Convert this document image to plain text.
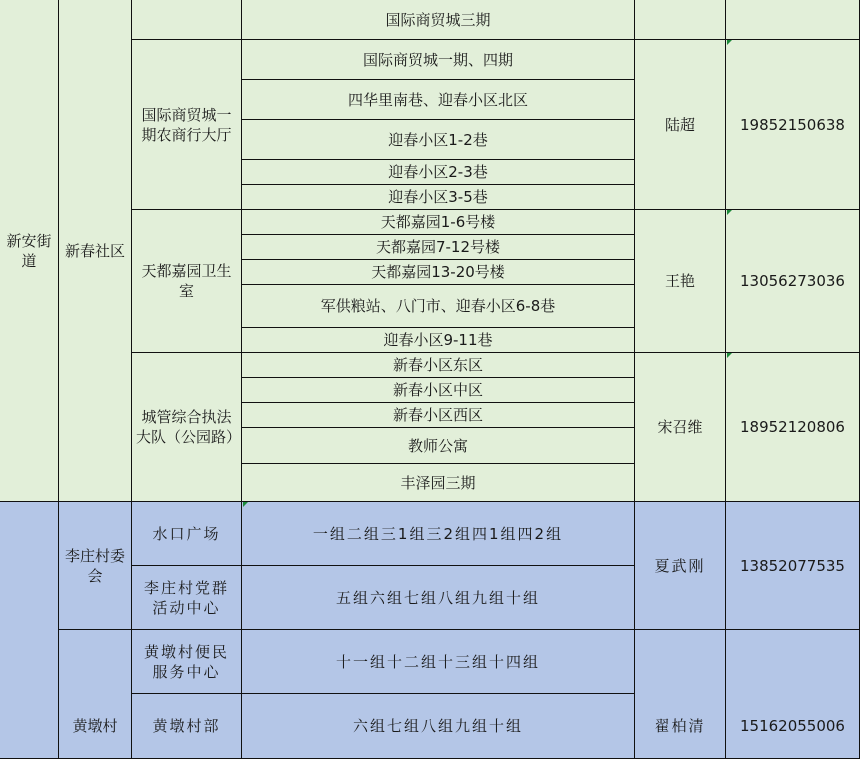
新安街道
新春社区
李庄村委会
黄墩村
国际商贸城一期农商行大厅
天都嘉园卫生室
城管综合执法大队（公园路）
国际商贸城三期
国际商贸城一期、四期
四华里南巷、迎春小区北区
迎春小区1-2巷
迎春小区2-3巷
迎春小区3-5巷
天都嘉园1-6号楼
天都嘉园7-12号楼
天都嘉园13-20号楼
军供粮站、八门市、迎春小区6-8巷
迎春小区9-11巷
新春小区东区
新春小区中区
新春小区西区
教师公寓
丰泽园三期
陆超
王艳
宋召维
19852150638
13056273036
18952120806
水口广场
李庄村党群活动中心
黄墩村便民服务中心
黄墩村部
一组二组三1组三2组四1组四2组
五组六组七组八组九组十组
十一组十二组十三组十四组
六组七组八组九组十组
夏武刚
翟柏清
13852077535
15162055006
